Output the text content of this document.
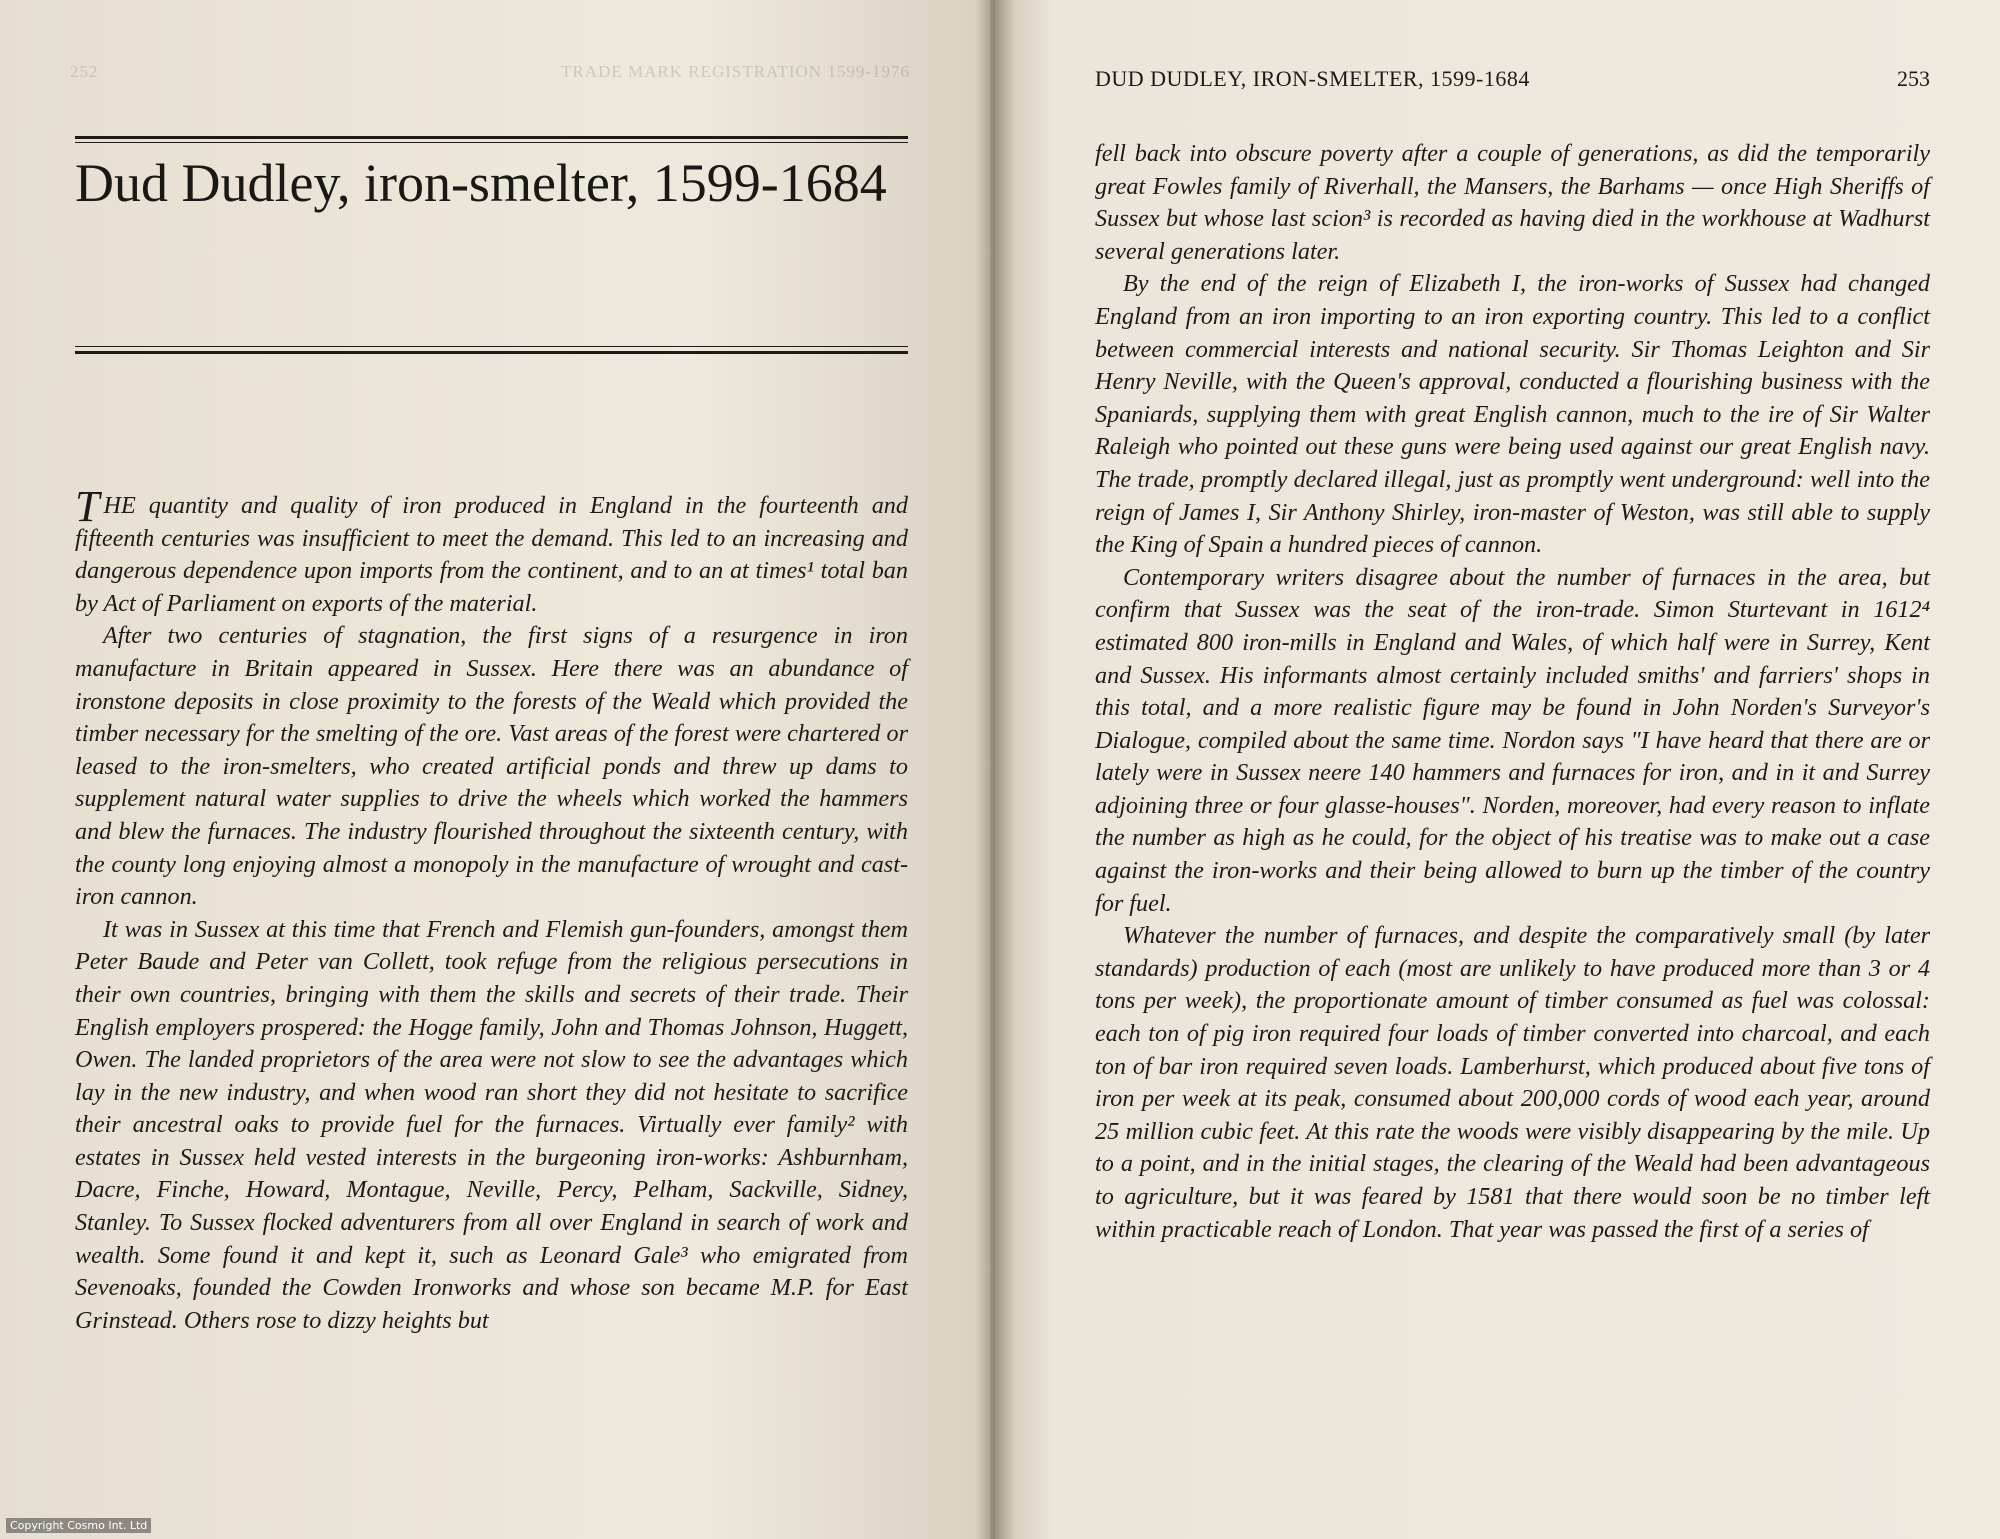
252	TRADE MARK REGISTRATION 1599-1976
Dud Dudley, iron-smelter, 1599-1684

THE quantity and quality of iron produced in England in the fourteenth and fifteenth centuries was insufficient to meet the demand. This led to an increasing and dangerous dependence upon imports from the continent, and to an at times¹ total ban by Act of Parliament on exports of the material.

After two centuries of stagnation, the first signs of a resurgence in iron manufacture in Britain appeared in Sussex. Here there was an abundance of ironstone deposits in close proximity to the forests of the Weald which provided the timber necessary for the smelting of the ore. Vast areas of the forest were chartered or leased to the iron-smelters, who created artificial ponds and threw up dams to supplement natural water supplies to drive the wheels which worked the hammers and blew the furnaces. The industry flourished throughout the sixteenth century, with the county long enjoying almost a monopoly in the manufacture of wrought and cast-iron cannon.

It was in Sussex at this time that French and Flemish gun-founders, amongst them Peter Baude and Peter van Collett, took refuge from the religious persecutions in their own countries, bringing with them the skills and secrets of their trade. Their English employers prospered: the Hogge family, John and Thomas Johnson, Huggett, Owen. The landed proprietors of the area were not slow to see the advantages which lay in the new industry, and when wood ran short they did not hesitate to sacrifice their ancestral oaks to provide fuel for the furnaces. Virtually ever family² with estates in Sussex held vested interests in the burgeoning iron-works: Ashburnham, Dacre, Finche, Howard, Montague, Neville, Percy, Pelham, Sackville, Sidney, Stanley. To Sussex flocked adventurers from all over England in search of work and wealth. Some found it and kept it, such as Leonard Gale³ who emigrated from Sevenoaks, founded the Cowden Ironworks and whose son became M.P. for East Grinstead. Others rose to dizzy heights but

DUD DUDLEY, IRON-SMELTER, 1599-1684	253

fell back into obscure poverty after a couple of generations, as did the temporarily great Fowles family of Riverhall, the Mansers, the Barhams — once High Sheriffs of Sussex but whose last scion³ is recorded as having died in the workhouse at Wadhurst several generations later.

By the end of the reign of Elizabeth I, the iron-works of Sussex had changed England from an iron importing to an iron exporting country. This led to a conflict between commercial interests and national security. Sir Thomas Leighton and Sir Henry Neville, with the Queen's approval, conducted a flourishing business with the Spaniards, supplying them with great English cannon, much to the ire of Sir Walter Raleigh who pointed out these guns were being used against our great English navy. The trade, promptly declared illegal, just as promptly went underground: well into the reign of James I, Sir Anthony Shirley, iron-master of Weston, was still able to supply the King of Spain a hundred pieces of cannon.

Contemporary writers disagree about the number of furnaces in the area, but confirm that Sussex was the seat of the iron-trade. Simon Sturtevant in 1612⁴ estimated 800 iron-mills in England and Wales, of which half were in Surrey, Kent and Sussex. His informants almost certainly included smiths' and farriers' shops in this total, and a more realistic figure may be found in John Norden's Surveyor's Dialogue, compiled about the same time. Nordon says "I have heard that there are or lately were in Sussex neere 140 hammers and furnaces for iron, and in it and Surrey adjoining three or four glasse-houses". Norden, moreover, had every reason to inflate the number as high as he could, for the object of his treatise was to make out a case against the iron-works and their being allowed to burn up the timber of the country for fuel.

Whatever the number of furnaces, and despite the comparatively small (by later standards) production of each (most are unlikely to have produced more than 3 or 4 tons per week), the proportionate amount of timber consumed as fuel was colossal: each ton of pig iron required four loads of timber converted into charcoal, and each ton of bar iron required seven loads. Lamberhurst, which produced about five tons of iron per week at its peak, consumed about 200,000 cords of wood each year, around 25 million cubic feet. At this rate the woods were visibly disappearing by the mile. Up to a point, and in the initial stages, the clearing of the Weald had been advantageous to agriculture, but it was feared by 1581 that there would soon be no timber left within practicable reach of London. That year was passed the first of a series of

Copyright Cosmo Int. Ltd
